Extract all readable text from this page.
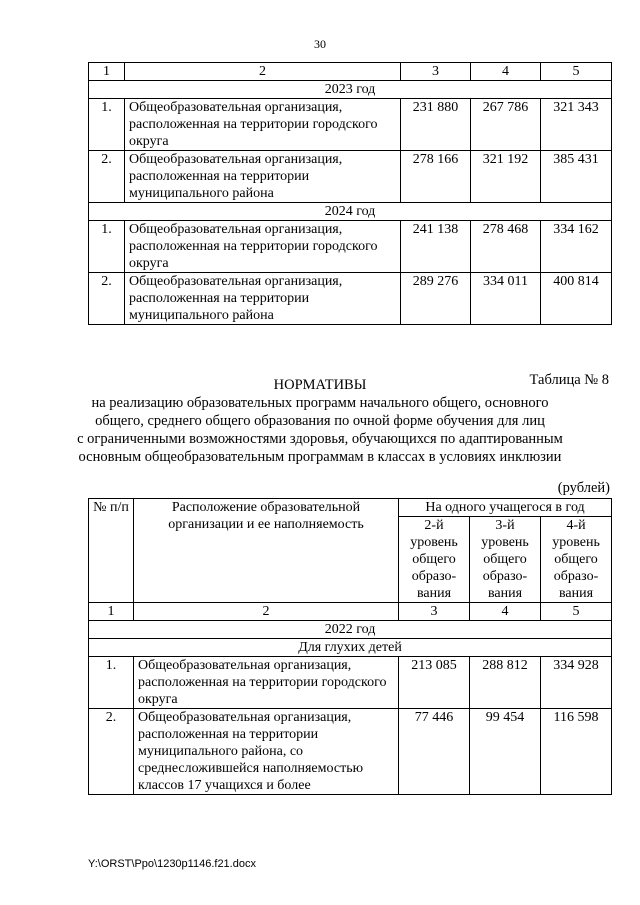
30
1	2	3	4	5
2023 год				
1.	Общеобразовательная организация, расположенная на территории городского округа	231 880	267 786	321 343
2.	Общеобразовательная организация, расположенная на территории муниципального района	278 166	321 192	385 431
2024 год				
1.	Общеобразовательная организация, расположенная на территории городского округа	241 138	278 468	334 162
2.	Общеобразовательная организация, расположенная на территории муниципального района	289 276	334 011	400 814
Таблица № 8
НОРМАТИВЫ
на реализацию образовательных программ начального общего, основного
общего, среднего общего образования по очной форме обучения для лиц
с ограниченными возможностями здоровья, обучающихся по адаптированным
основным общеобразовательным программам в классах в условиях инклюзии
(рублей)
№ п/п	Расположение образовательной организации и ее наполняемость	На одного учащегося в год		
		2-й уровень общего образо-вания	3-й уровень общего образо-вания	4-й уровень общего образо-вания
1	2	3	4	5
2022 год				
Для глухих детей				
1.	Общеобразовательная организация, расположенная на территории городского округа	213 085	288 812	334 928
2.	Общеобразовательная организация, расположенная на территории муниципального района, со среднесложившейся наполняемостью классов 17 учащихся и более	77 446	99 454	116 598
Y:\ORST\Ppo\1230p1146.f21.docx
